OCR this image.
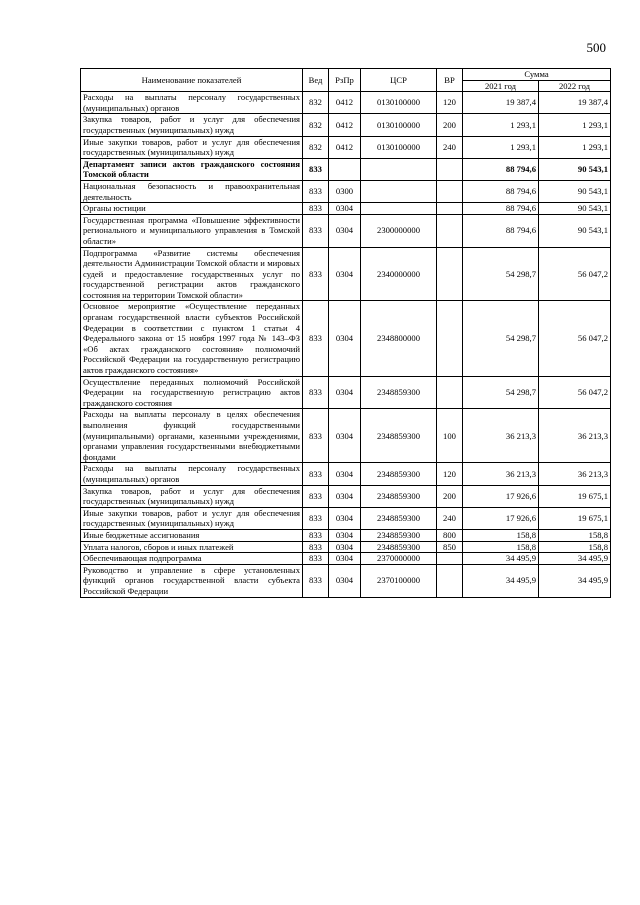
500
Наименование показателей	Вед	РзПр	ЦСР	ВР	Сумма	
					2021 год	2022 год
Расходы на выплаты персоналу государственных (муниципальных) органов	832	0412	0130100000	120	19 387,4	19 387,4
Закупка товаров, работ и услуг для обеспечения государственных (муниципальных) нужд	832	0412	0130100000	200	1 293,1	1 293,1
Иные закупки товаров, работ и услуг для обеспечения государственных (муниципальных) нужд	832	0412	0130100000	240	1 293,1	1 293,1
Департамент записи актов гражданского состояния Томской области	833				88 794,6	90 543,1
Национальная безопасность и правоохранительная деятельность	833	0300			88 794,6	90 543,1
Органы юстиции	833	0304			88 794,6	90 543,1
Государственная программа «Повышение эффективности регионального и муниципального управления в Томской области»	833	0304	2300000000		88 794,6	90 543,1
Подпрограмма «Развитие системы обеспечения деятельности Администрации Томской области и мировых судей и предоставление государственных услуг по государственной регистрации актов гражданского состояния на территории Томской области»	833	0304	2340000000		54 298,7	56 047,2
Основное мероприятие «Осуществление переданных органам государственной власти субъектов Российской Федерации в соответствии с пунктом 1 статьи 4 Федерального закона от 15 ноября 1997 года № 143–ФЗ «Об актах гражданского состояния» полномочий Российской Федерации на государственную регистрацию актов гражданского состояния»	833	0304	2348800000		54 298,7	56 047,2
Осуществление переданных полномочий Российской Федерации на государственную регистрацию актов гражданского состояния	833	0304	2348859300		54 298,7	56 047,2
Расходы на выплаты персоналу в целях обеспечения выполнения функций государственными (муниципальными) органами, казенными учреждениями, органами управления государственными внебюджетными фондами	833	0304	2348859300	100	36 213,3	36 213,3
Расходы на выплаты персоналу государственных (муниципальных) органов	833	0304	2348859300	120	36 213,3	36 213,3
Закупка товаров, работ и услуг для обеспечения государственных (муниципальных) нужд	833	0304	2348859300	200	17 926,6	19 675,1
Иные закупки товаров, работ и услуг для обеспечения государственных (муниципальных) нужд	833	0304	2348859300	240	17 926,6	19 675,1
Иные бюджетные ассигнования	833	0304	2348859300	800	158,8	158,8
Уплата налогов, сборов и иных платежей	833	0304	2348859300	850	158,8	158,8
Обеспечивающая подпрограмма	833	0304	2370000000		34 495,9	34 495,9
Руководство и управление в сфере установленных функций органов государственной власти субъекта Российской Федерации	833	0304	2370100000		34 495,9	34 495,9
